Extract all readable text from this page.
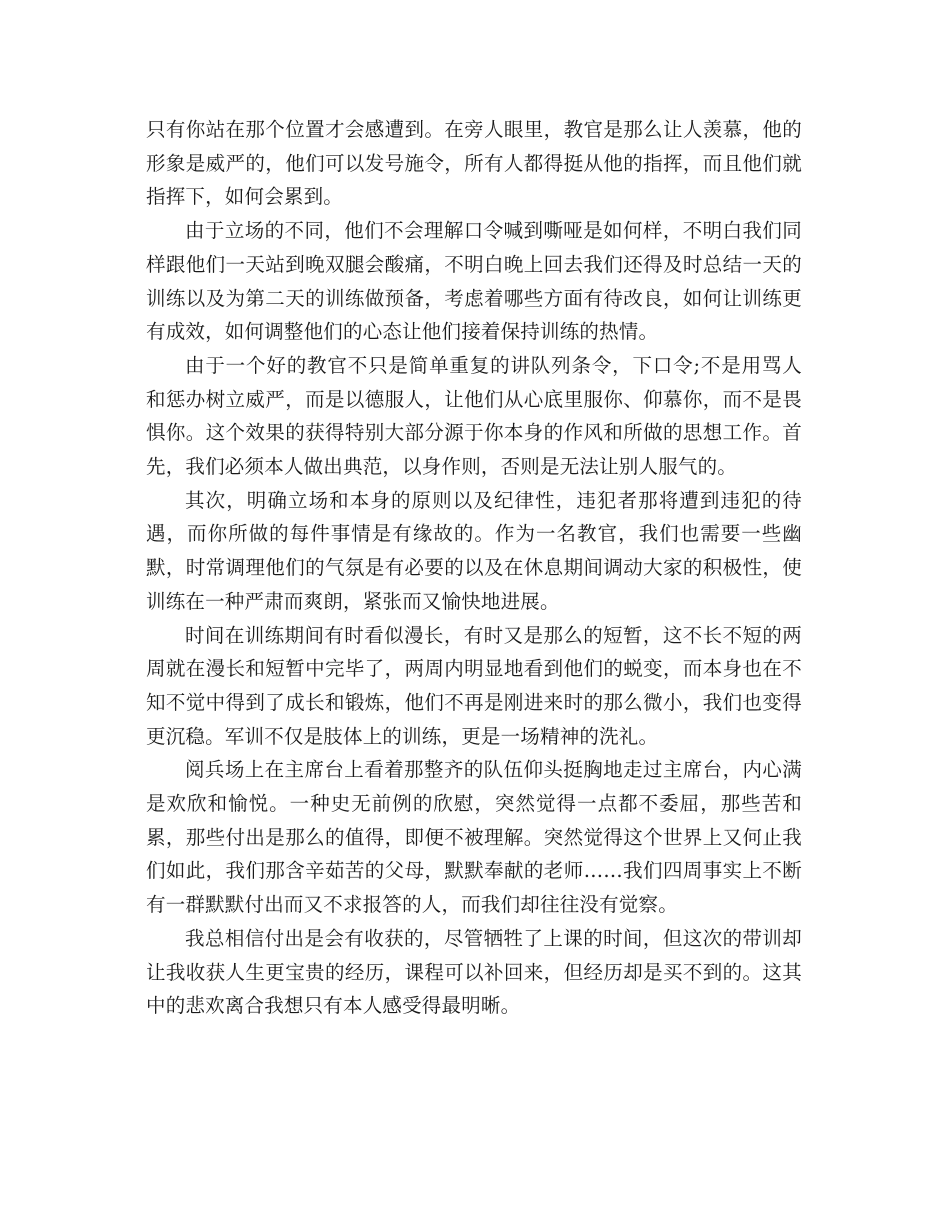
只有你站在那个位置才会感遭到。在旁人眼里，教官是那么让人羡慕，他的形象是威严的，他们可以发号施令，所有人都得挺从他的指挥，而且他们就指挥下，如何会累到。

由于立场的不同，他们不会理解口令喊到嘶哑是如何样，不明白我们同样跟他们一天站到晚双腿会酸痛，不明白晚上回去我们还得及时总结一天的训练以及为第二天的训练做预备，考虑着哪些方面有待改良，如何让训练更有成效，如何调整他们的心态让他们接着保持训练的热情。

由于一个好的教官不只是简单重复的讲队列条令，下口令;不是用骂人和惩办树立威严，而是以德服人，让他们从心底里服你、仰慕你，而不是畏惧你。这个效果的获得特别大部分源于你本身的作风和所做的思想工作。首先，我们必须本人做出典范，以身作则，否则是无法让别人服气的。

其次，明确立场和本身的原则以及纪律性，违犯者那将遭到违犯的待遇，而你所做的每件事情是有缘故的。作为一名教官，我们也需要一些幽默，时常调理他们的气氛是有必要的以及在休息期间调动大家的积极性，使训练在一种严肃而爽朗，紧张而又愉快地进展。

时间在训练期间有时看似漫长，有时又是那么的短暂，这不长不短的两周就在漫长和短暂中完毕了，两周内明显地看到他们的蜕变，而本身也在不知不觉中得到了成长和锻炼，他们不再是刚进来时的那么微小，我们也变得更沉稳。军训不仅是肢体上的训练，更是一场精神的洗礼。

阅兵场上在主席台上看着那整齐的队伍仰头挺胸地走过主席台，内心满是欢欣和愉悦。一种史无前例的欣慰，突然觉得一点都不委屈，那些苦和累，那些付出是那么的值得，即便不被理解。突然觉得这个世界上又何止我们如此，我们那含辛茹苦的父母，默默奉献的老师……我们四周事实上不断有一群默默付出而又不求报答的人，而我们却往往没有觉察。

我总相信付出是会有收获的，尽管牺牲了上课的时间，但这次的带训却让我收获人生更宝贵的经历，课程可以补回来，但经历却是买不到的。这其中的悲欢离合我想只有本人感受得最明晰。
